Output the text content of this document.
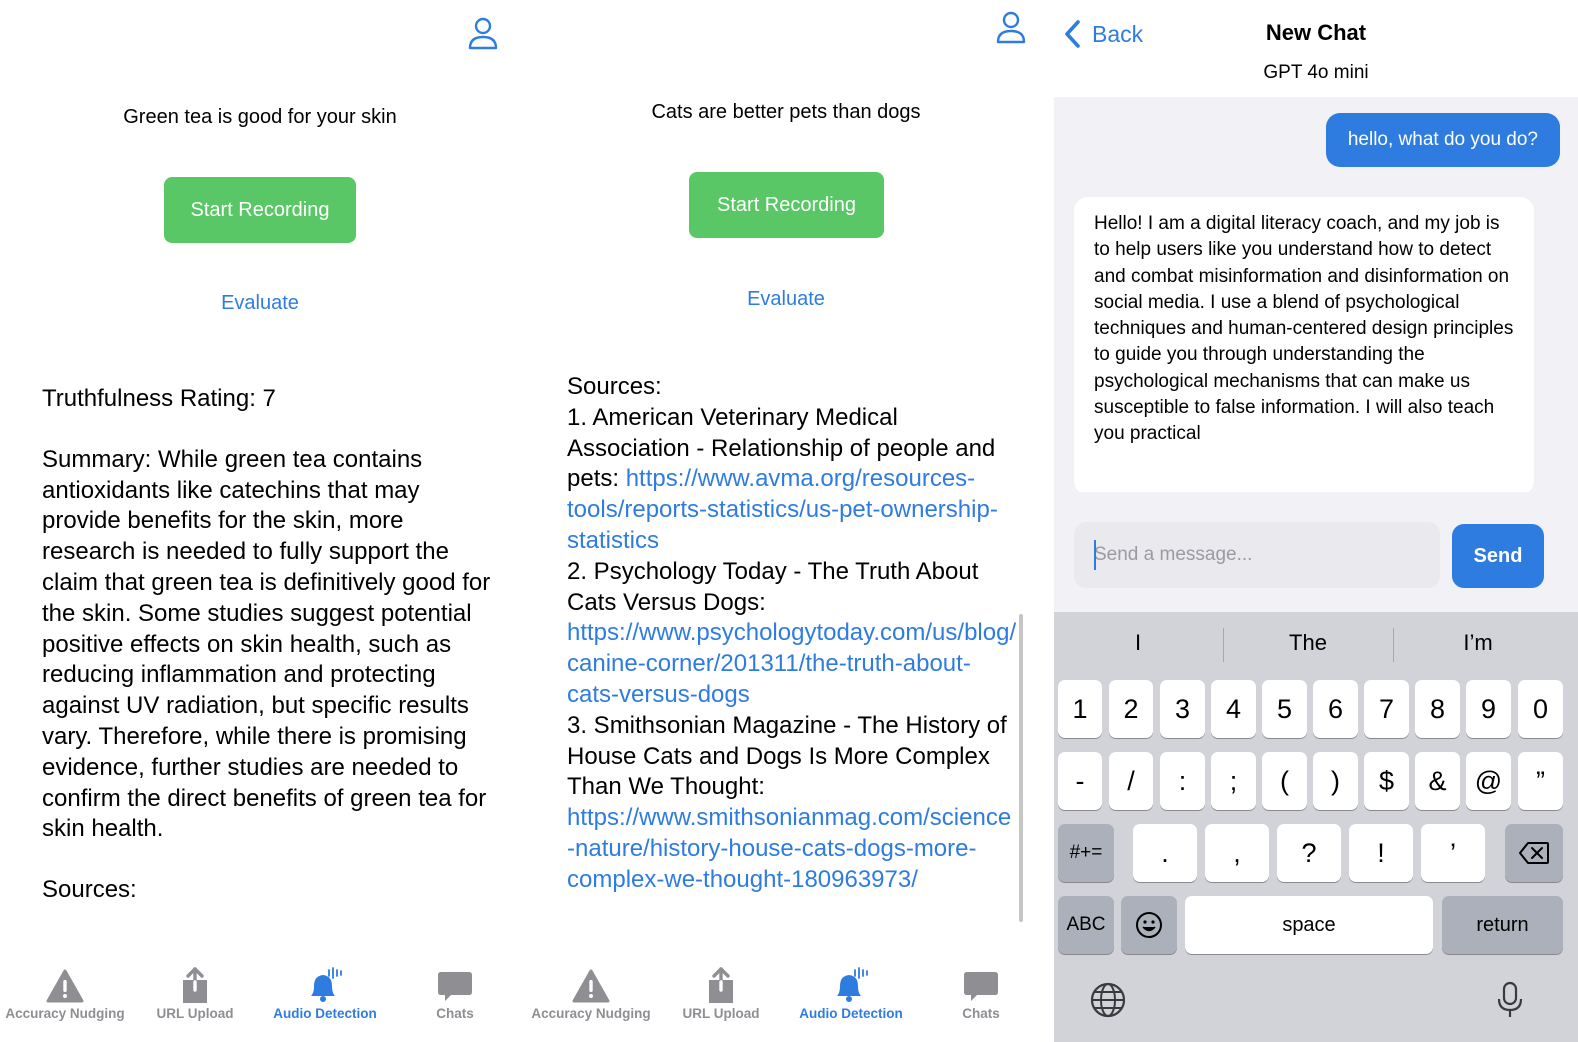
Green tea is good for your skin
Start Recording
Evaluate

Truthfulness Rating: 7

Summary: While green tea contains antioxidants like catechins that may provide benefits for the skin, more research is needed to fully support the claim that green tea is definitively good for the skin. Some studies suggest potential positive effects on skin health, such as reducing inflammation and protecting against UV radiation, but specific results vary. Therefore, while there is promising evidence, further studies are needed to confirm the direct benefits of green tea for skin health.

Sources:

Accuracy Nudging	URL Upload	Audio Detection	Chats
Cats are better pets than dogs
Start Recording
Evaluate
Sources:
1. American Veterinary Medical Association - Relationship of people and pets: https://www.avma.org/resources-tools/reports-statistics/us-pet-ownership-statistics
2. Psychology Today - The Truth About Cats Versus Dogs: https://www.psychologytoday.com/us/blog/canine-corner/201311/the-truth-about-cats-versus-dogs
3. Smithsonian Magazine - The History of House Cats and Dogs Is More Complex Than We Thought: https://www.smithsonianmag.com/science-nature/history-house-cats-dogs-more-complex-we-thought-180963973/
Accuracy Nudging	URL Upload	Audio Detection	Chats
Back	New Chat
GPT 4o mini
hello, what do you do?
Hello! I am a digital literacy coach, and my job is to help users like you understand how to detect and combat misinformation and disinformation on social media. I use a blend of psychological techniques and human-centered design principles to guide you through understanding the psychological mechanisms that can make us susceptible to false information. I will also teach you practical
Send a message...
Send
I	The	I’m
1	2	3	4	5	6	7	8	9	0
-	/	:	;	(	)	$	&	@	”
#+=	.	,	?	!	’
ABC	space	return
